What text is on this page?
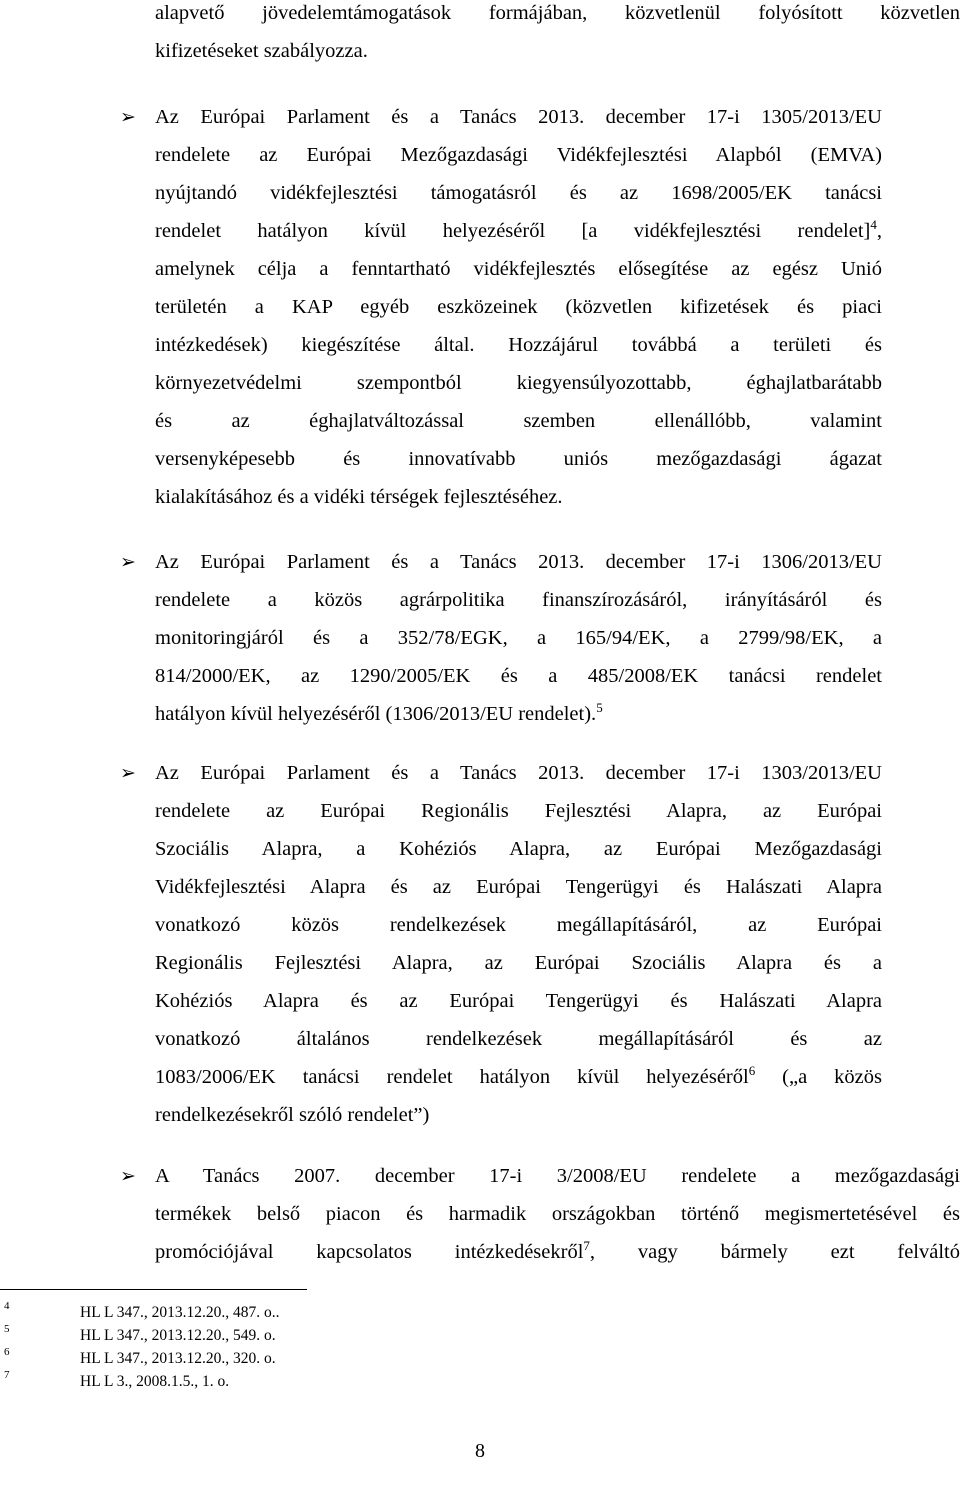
alapvető jövedelemtámogatások formájában, közvetlenül folyósított közvetlen
kifizetéseket szabályozza.
➢ Az Európai Parlament és a Tanács 2013. december 17-i 1305/2013/EU
rendelete az Európai Mezőgazdasági Vidékfejlesztési Alapból (EMVA)
nyújtandó vidékfejlesztési támogatásról és az 1698/2005/EK tanácsi
rendelet hatályon kívül helyezéséről [a vidékfejlesztési rendelet]$^4$,
amelynek célja a fenntartható vidékfejlesztés elősegítése az egész Unió
területén a KAP egyéb eszközeinek (közvetlen kifizetések és piaci
intézkedések) kiegészítése által. Hozzájárul továbbá a területi és
környezetvédelmi szempontból kiegyensúlyozottabb, éghajlatbarátabb
és az éghajlatváltozással szemben ellenállóbb, valamint
versenyképesebb és innovatívabb uniós mezőgazdasági ágazat
kialakításához és a vidéki térségek fejlesztéséhez.
➢ Az Európai Parlament és a Tanács 2013. december 17-i 1306/2013/EU
rendelete a közös agrárpolitika finanszírozásáról, irányításáról és
monitoringjáról és a 352/78/EGK, a 165/94/EK, a 2799/98/EK, a
814/2000/EK, az 1290/2005/EK és a 485/2008/EK tanácsi rendelet
hatályon kívül helyezéséről (1306/2013/EU rendelet).$^5$
➢ Az Európai Parlament és a Tanács 2013. december 17-i 1303/2013/EU
rendelete az Európai Regionális Fejlesztési Alapra, az Európai
Szociális Alapra, a Kohéziós Alapra, az Európai Mezőgazdasági
Vidékfejlesztési Alapra és az Európai Tengerügyi és Halászati Alapra
vonatkozó közös rendelkezések megállapításáról, az Európai
Regionális Fejlesztési Alapra, az Európai Szociális Alapra és a
Kohéziós Alapra és az Európai Tengerügyi és Halászati Alapra
vonatkozó általános rendelkezések megállapításáról és az
1083/2006/EK tanácsi rendelet hatályon kívül helyezéséről$^6$ („a közös
rendelkezésekről szóló rendelet”)
➢ A Tanács 2007. december 17-i 3/2008/EU rendelete a mezőgazdasági
termékek belső piacon és harmadik országokban történő megismertetésével és
promóciójával kapcsolatos intézkedésekről$^7$, vagy bármely ezt felváltó
4	HL L 347., 2013.12.20., 487. o..
5	HL L 347., 2013.12.20., 549. o.
6	HL L 347., 2013.12.20., 320. o.
7	HL L 3., 2008.1.5., 1. o.
8
